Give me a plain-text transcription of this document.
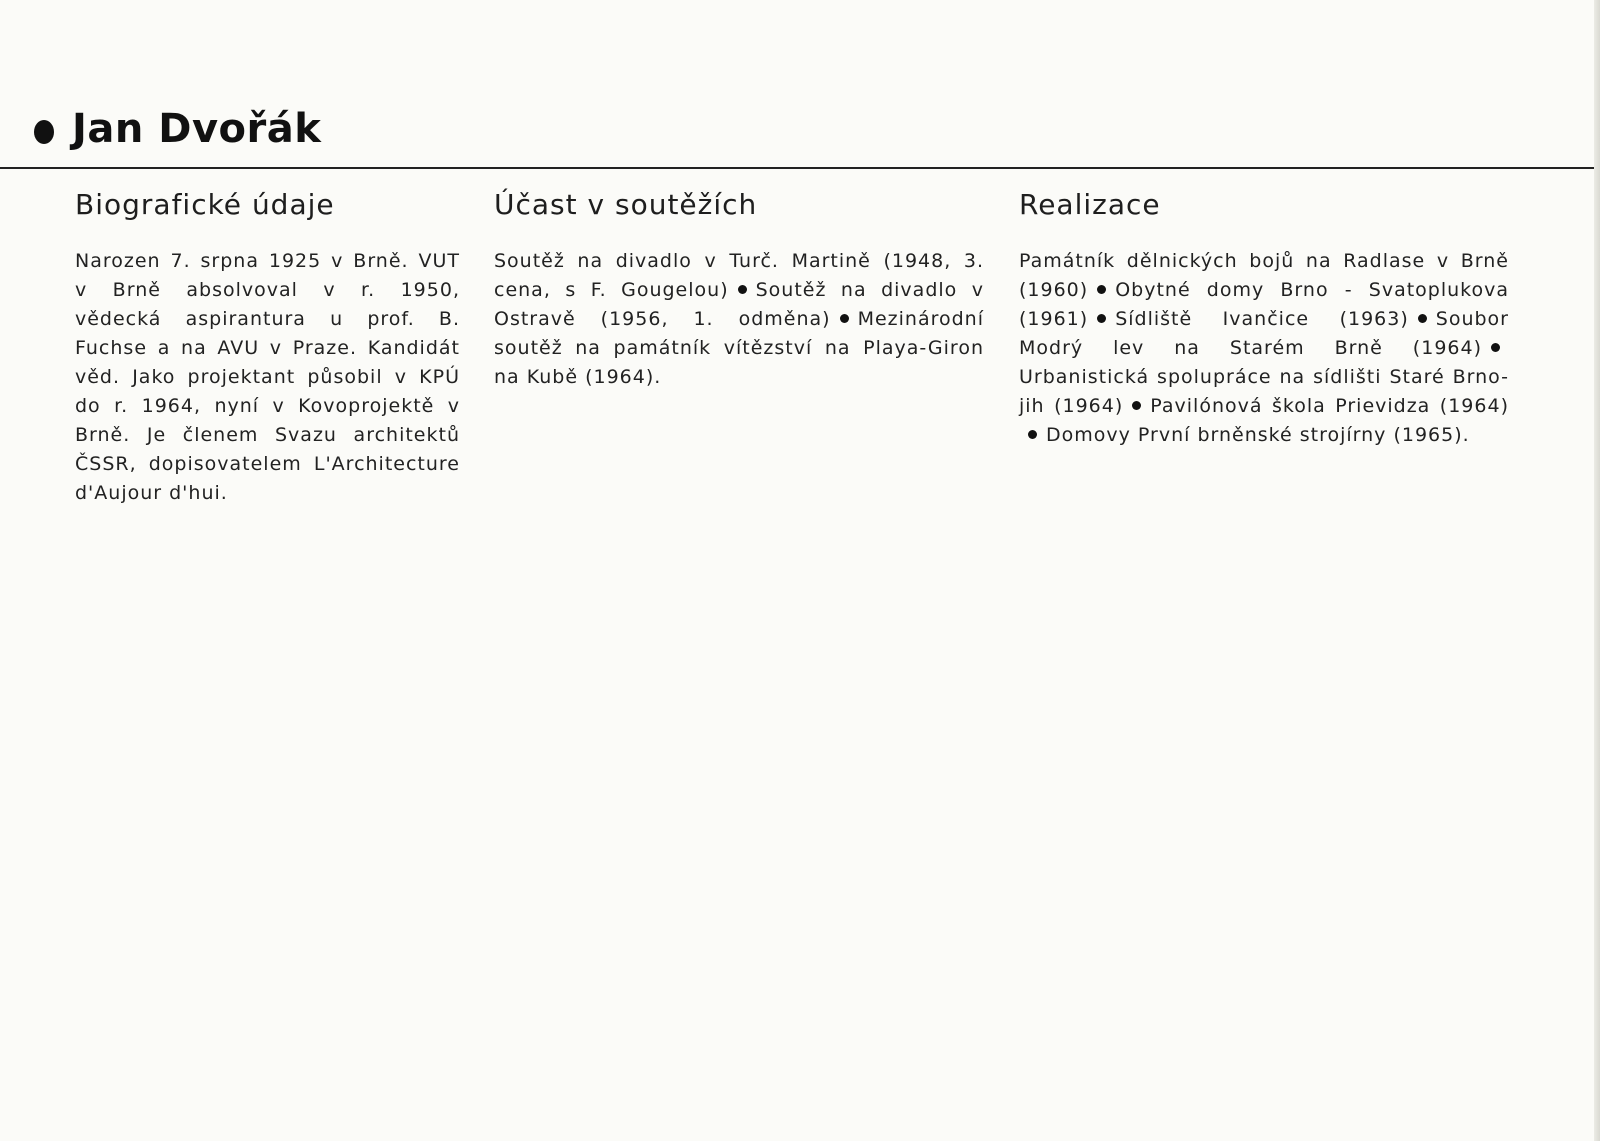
Jan Dvořák
Biografické údaje

Narozen 7. srpna 1925 v Brně. VUT v Brně absolvoval v r. 1950, vědecká aspirantura u prof. B. Fuchse a na AVU v Praze. Kandidát věd. Jako projektant působil v KPÚ do r. 1964, nyní v Kovoprojektě v Brně. Je členem Svazu architektů ČSSR, dopisovatelem L'Architecture d'Aujour d'hui.

Účast v soutěžích

Soutěž na divadlo v Turč. Martině (1948, 3. cena, s F. Gougelou) Soutěž na divadlo v Ostravě (1956, 1. odměna) Mezinárodní soutěž na památník vítězství na Playa-Giron na Kubě (1964).

Realizace

Památník dělnických bojů na Radlase v Brně (1960) Obytné domy Brno - Svatoplukova (1961) Sídliště Ivančice (1963) Soubor Modrý lev na Starém Brně (1964)Urbanistická spolupráce na sídlišti Staré Brno-jih (1964) Pavilónová škola Prievidza (1964)Domovy První brněnské strojírny (1965).
